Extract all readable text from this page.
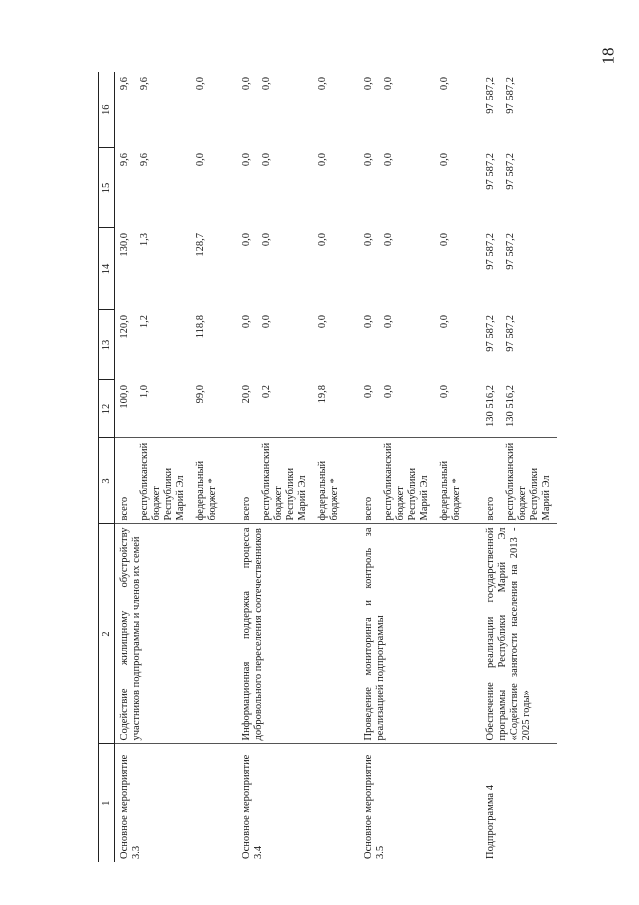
18
1	2	3	12	13	14	15	16
Основное мероприятие 3.3	Содействие жилищному обустройству участников подпрограммы и членов их семей	всего	100,0	120,0	130,0	9,6	9,6
		республиканский бюджет Республики Марий Эл	1,0	1,2	1,3	9,6	9,6
		федеральный бюджет *	99,0	118,8	128,7	0,0	0,0

Основное мероприятие 3.4	Информационная поддержка процесса добровольного переселения соотечественников	всего	20,0	0,0	0,0	0,0	0,0
		республиканский бюджет Республики Марий Эл	0,2	0,0	0,0	0,0	0,0
		федеральный бюджет *	19,8	0,0	0,0	0,0	0,0

Основное мероприятие 3.5	Проведение мониторинга и контроль за реализацией подпрограммы	всего	0,0	0,0	0,0	0,0	0,0
		республиканский бюджет Республики Марий Эл	0,0	0,0	0,0	0,0	0,0
		федеральный бюджет *	0,0	0,0	0,0	0,0	0,0

Подпрограмма 4	Обеспечение реализации государственной программы Республики Марий Эл «Содействие занятости населения на 2013 - 2025 годы»	всего	130 516,2	97 587,2	97 587,2	97 587,2	97 587,2
		республиканский бюджет Республики Марий Эл	130 516,2	97 587,2	97 587,2	97 587,2	97 587,2
